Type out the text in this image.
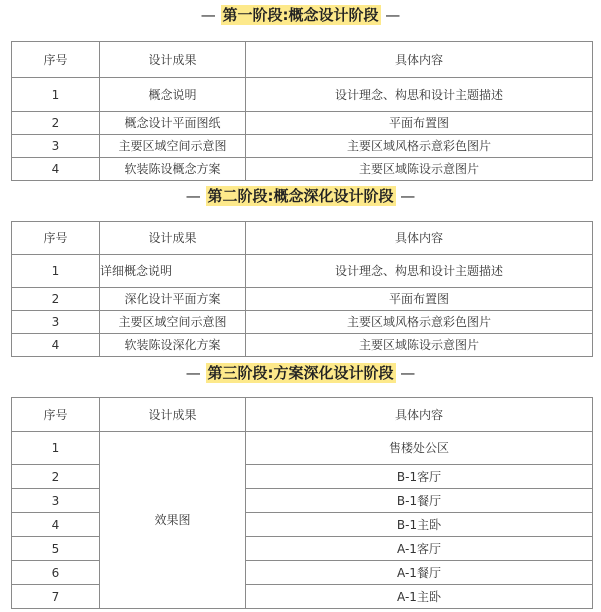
— 第一阶段:概念设计阶段 —
序号	设计成果	具体内容
1	概念说明	设计理念、构思和设计主题描述
2	概念设计平面图纸	平面布置图
3	主要区域空间示意图	主要区域风格示意彩色图片
4	软装陈设概念方案	主要区域陈设示意图片
— 第二阶段:概念深化设计阶段 —
序号	设计成果	具体内容
1	详细概念说明	设计理念、构思和设计主题描述
2	深化设计平面方案	平面布置图
3	主要区域空间示意图	主要区域风格示意彩色图片
4	软装陈设深化方案	主要区域陈设示意图片
— 第三阶段:方案深化设计阶段 —
序号	设计成果	具体内容
1	效果图	售楼处公区
2		B-1客厅
3		B-1餐厅
4		B-1主卧
5		A-1客厅
6		A-1餐厅
7		A-1主卧
